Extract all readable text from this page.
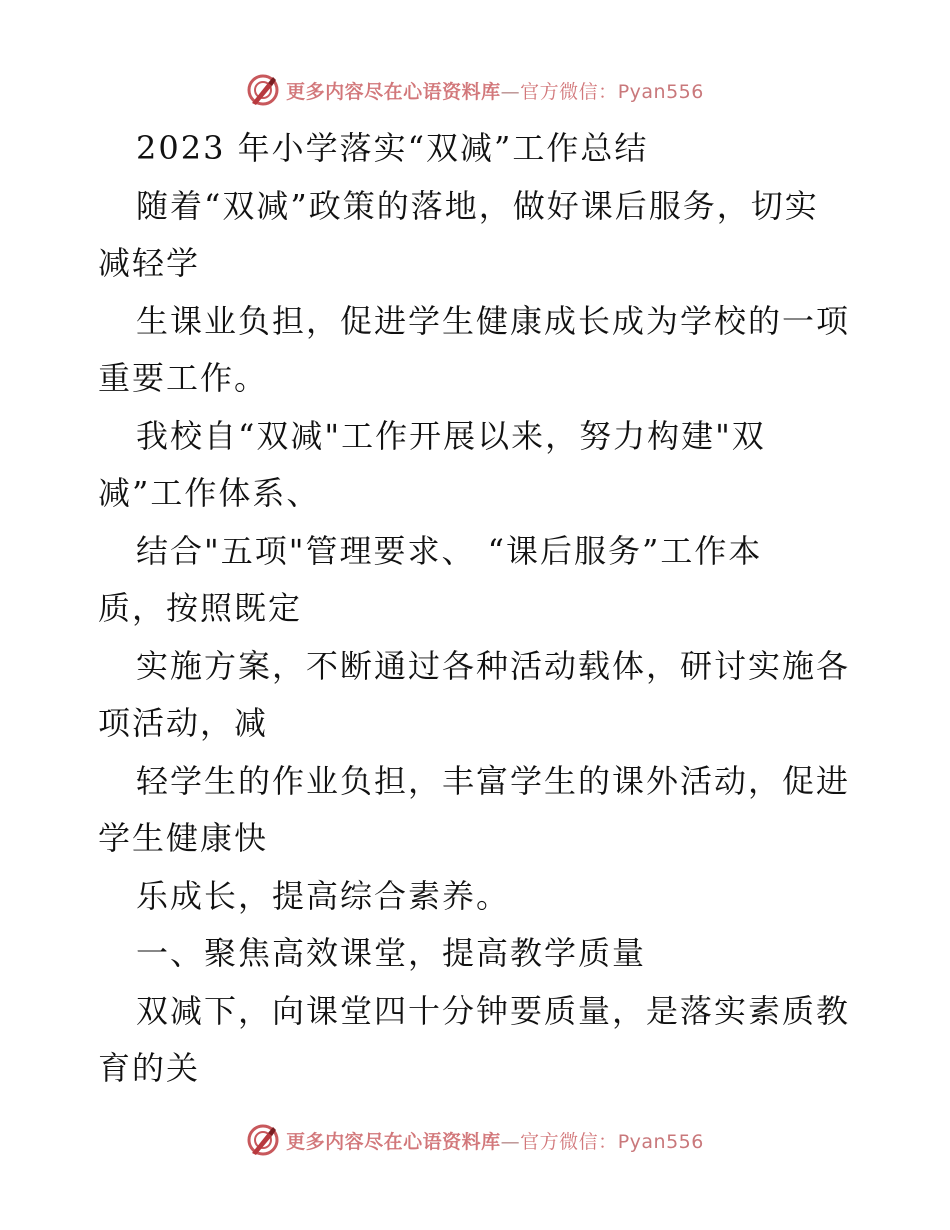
更多内容尽在心语资料库—官方微信：Pyan556
2023 年小学落实“双减”工作总结
随着“双减”政策的落地，做好课后服务，切实
减轻学
生课业负担，促进学生健康成长成为学校的一项
重要工作。
我校自“双减"工作开展以来，努力构建"双
减”工作体系、
结合"五项"管理要求、 “课后服务”工作本
质，按照既定
实施方案，不断通过各种活动载体，研讨实施各
项活动，减
轻学生的作业负担，丰富学生的课外活动，促进
学生健康快
乐成长，提高综合素养。
一、聚焦高效课堂，提高教学质量
双减下，向课堂四十分钟要质量，是落实素质教
育的关
更多内容尽在心语资料库—官方微信：Pyan556
